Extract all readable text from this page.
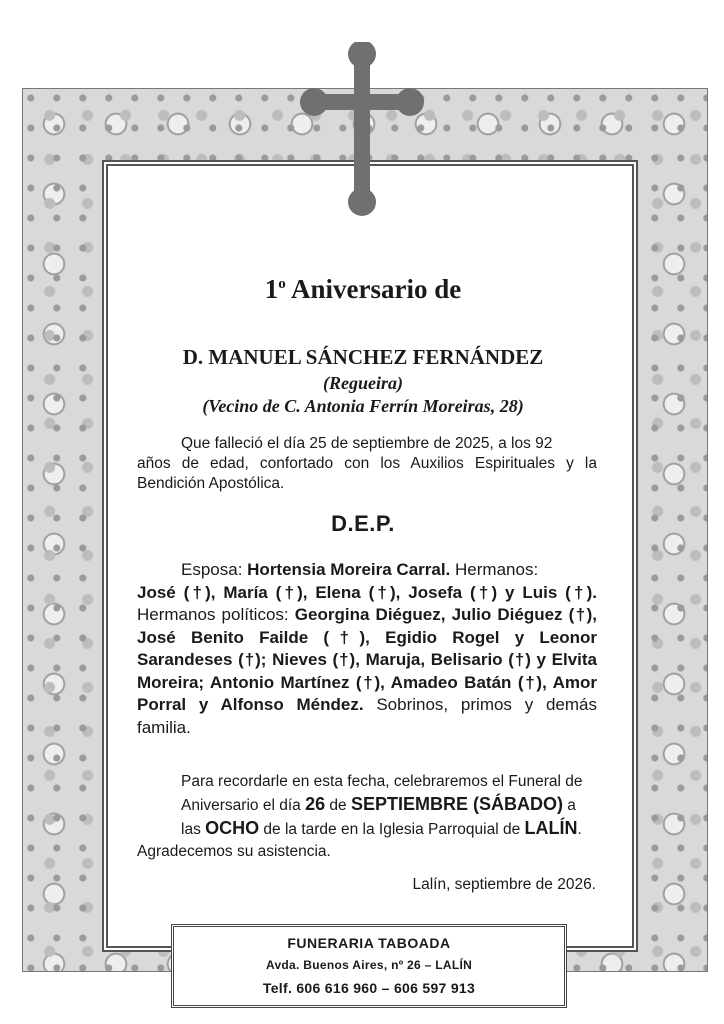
1$^o$ Aniversario de
D. MANUEL SÁNCHEZ FERNÁNDEZ
(Regueira)
(Vecino de C. Antonia Ferrín Moreiras, 28)
Que falleció el día 25 de septiembre de 2025, a los 92
años de edad, confortado con los Auxilios Espirituales y la Bendición Apostólica.
D.E.P.
Esposa: Hortensia Moreira Carral. Hermanos:
José (†), María (†), Elena (†), Josefa (†) y Luis (†). Hermanos políticos: Georgina Diéguez, Julio Diéguez (†), José Benito Failde (†), Egidio Rogel y Leonor Sarandeses (†); Nieves (†), Maruja, Belisario (†) y Elvita Moreira; Antonio Martínez (†), Amadeo Batán (†), Amor Porral y Alfonso Méndez. Sobrinos, primos y demás familia.
Para recordarle en esta fecha, celebraremos el Funeral de Aniversario el día 26 de SEPTIEMBRE (SÁBADO) a las OCHO de la tarde en la Iglesia Parroquial de LALÍN.
Agradecemos su asistencia.
Lalín, septiembre de 2026.
FUNERARIA TABOADA
Avda. Buenos Aires, nº 26 – LALÍN
Telf. 606 616 960 – 606 597 913
